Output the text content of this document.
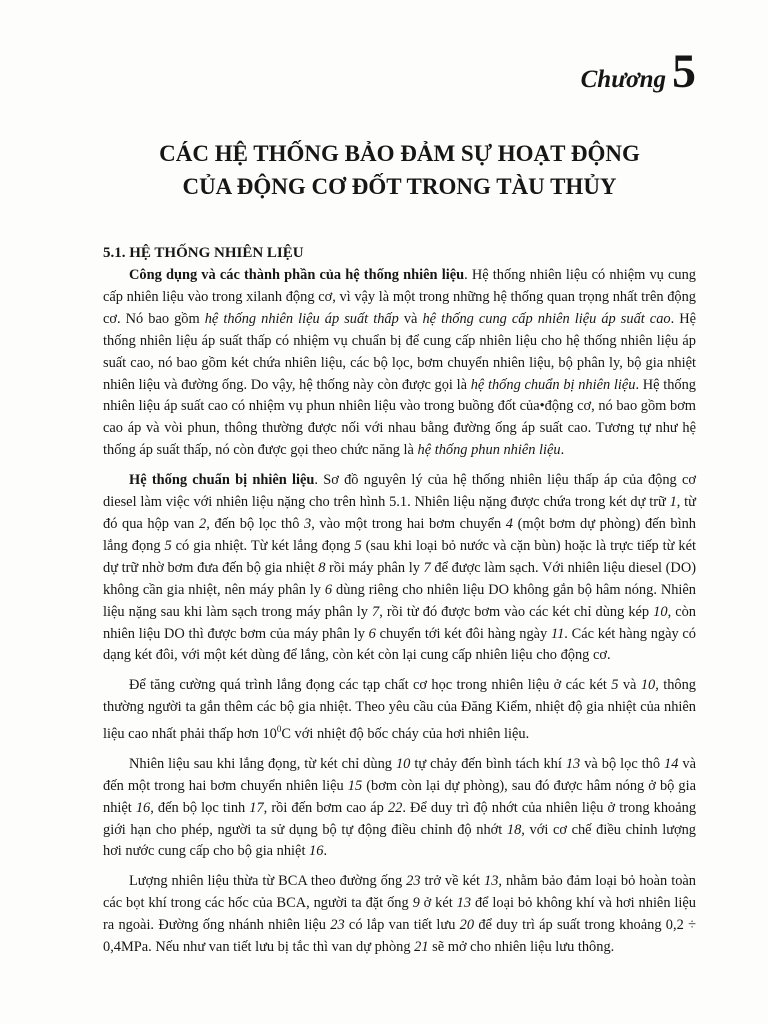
Chương 5
CÁC HỆ THỐNG BẢO ĐẢM SỰ HOẠT ĐỘNG
CỦA ĐỘNG CƠ ĐỐT TRONG TÀU THỦY
5.1. HỆ THỐNG NHIÊN LIỆU

Công dụng và các thành phần của hệ thống nhiên liệu. Hệ thống nhiên liệu có nhiệm vụ cung cấp nhiên liệu vào trong xilanh động cơ, vì vậy là một trong những hệ thống quan trọng nhất trên động cơ. Nó bao gồm hệ thống nhiên liệu áp suất thấp và hệ thống cung cấp nhiên liệu áp suất cao. Hệ thống nhiên liệu áp suất thấp có nhiệm vụ chuẩn bị để cung cấp nhiên liệu cho hệ thống nhiên liệu áp suất cao, nó bao gồm két chứa nhiên liệu, các bộ lọc, bơm chuyển nhiên liệu, bộ phân ly, bộ gia nhiệt nhiên liệu và đường ống. Do vậy, hệ thống này còn được gọi là hệ thống chuẩn bị nhiên liệu. Hệ thống nhiên liệu áp suất cao có nhiệm vụ phun nhiên liệu vào trong buồng đốt của•động cơ, nó bao gồm bơm cao áp và vòi phun, thông thường được nối với nhau bằng đường ống áp suất cao. Tương tự như hệ thống áp suất thấp, nó còn được gọi theo chức năng là hệ thống phun nhiên liệu.

Hệ thống chuẩn bị nhiên liệu. Sơ đồ nguyên lý của hệ thống nhiên liệu thấp áp của động cơ diesel làm việc với nhiên liệu nặng cho trên hình 5.1. Nhiên liệu nặng được chứa trong két dự trữ 1, từ đó qua hộp van 2, đến bộ lọc thô 3, vào một trong hai bơm chuyển 4 (một bơm dự phòng) đến bình lắng đọng 5 có gia nhiệt. Từ két lắng đọng 5 (sau khi loại bỏ nước và cặn bùn) hoặc là trực tiếp từ két dự trữ nhờ bơm đưa đến bộ gia nhiệt 8 rồi máy phân ly 7 để được làm sạch. Với nhiên liệu diesel (DO) không cần gia nhiệt, nên máy phân ly 6 dùng riêng cho nhiên liệu DO không gắn bộ hâm nóng. Nhiên liệu nặng sau khi làm sạch trong máy phân ly 7, rồi từ đó được bơm vào các két chỉ dùng kép 10, còn nhiên liệu DO thì được bơm của máy phân ly 6 chuyển tới két đôi hàng ngày 11. Các két hàng ngày có dạng két đôi, với một két dùng để lắng, còn két còn lại cung cấp nhiên liệu cho động cơ.

Để tăng cường quá trình lắng đọng các tạp chất cơ học trong nhiên liệu ở các két 5 và 10, thông thường người ta gắn thêm các bộ gia nhiệt. Theo yêu cầu của Đăng Kiểm, nhiệt độ gia nhiệt của nhiên liệu cao nhất phải thấp hơn $10^0C$ với nhiệt độ bốc cháy của hơi nhiên liệu.

Nhiên liệu sau khi lắng đọng, từ két chỉ dùng 10 tự chảy đến bình tách khí 13 và bộ lọc thô 14 và đến một trong hai bơm chuyển nhiên liệu 15 (bơm còn lại dự phòng), sau đó được hâm nóng ở bộ gia nhiệt 16, đến bộ lọc tinh 17, rồi đến bơm cao áp 22. Để duy trì độ nhớt của nhiên liệu ở trong khoảng giới hạn cho phép, người ta sử dụng bộ tự động điều chỉnh độ nhớt 18, với cơ chế điều chỉnh lượng hơi nước cung cấp cho bộ gia nhiệt 16.

Lượng nhiên liệu thừa từ BCA theo đường ống 23 trở về két 13, nhằm bảo đảm loại bỏ hoàn toàn các bọt khí trong các hốc của BCA, người ta đặt ống 9 ở két 13 để loại bỏ không khí và hơi nhiên liệu ra ngoài. Đường ống nhánh nhiên liệu 23 có lắp van tiết lưu 20 để duy trì áp suất trong khoảng 0,2 ÷ 0,4MPa. Nếu như van tiết lưu bị tắc thì van dự phòng 21 sẽ mở cho nhiên liệu lưu thông.
